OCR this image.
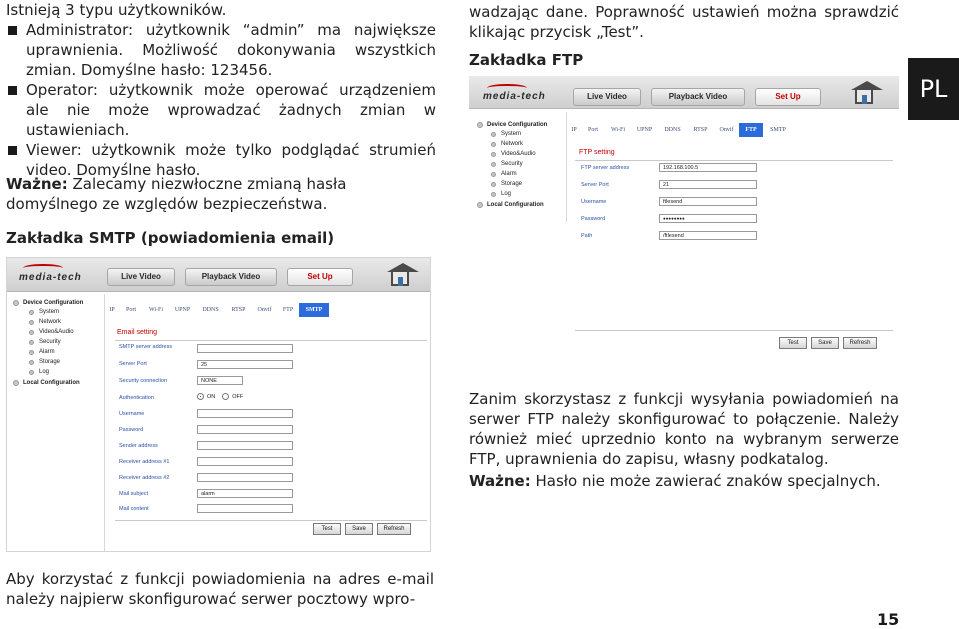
Istnieją 3 typu użytkowników.
Administrator: użytkownik “admin” ma największe uprawnienia. Możliwość dokonywania wszystkich zmian. Domyślne hasło: 123456.
Operator: użytkownik może operować urządzeniem ale nie może wprowadzać żadnych zmian w ustawieniach.
Viewer: użytkownik może tylko podglądać strumień video. Domyślne hasło.
Ważne: Zalecamy niezwłoczne zmianą hasła domyślnego ze względów bezpieczeństwa.
Zakładka SMTP (powiadomienia email)
media-tech	Live Video	Playback Video	Set Up
Device Configuration
System
Network
Video&Audio
Security
Alarm
Storage
Log
Local Configuration
IP	Port	Wi-Fi	UPNP	DDNS	RTSP	Onvif	FTP	SMTP
Email setting
SMTP server address
Server Port	25
Security connection	NONE
Authentication	ON	OFF
Username
Password
Sender address
Receiver address #1
Receiver address #2
Mail subject	alarm
Mail content
Test	Save	Refresh
Aby korzystać z funkcji powiadomienia na adres e-mail należy najpierw skonfigurować serwer pocztowy wpro-
wadzając dane. Poprawność ustawień można sprawdzić klikając przycisk „Test”.
Zakładka FTP
media-tech	Live Video	Playback Video	Set Up
Device Configuration
System
Network
Video&Audio
Security
Alarm
Storage
Log
Local Configuration
IP	Port	Wi-Fi	UPNP	DDNS	RTSP	Onvif	FTP	SMTP
FTP setting
FTP server address	192.168.100.5
Server Port	21
Username	ftlesend
Password	●●●●●●●●
Path	/ftlesend
Test	Save	Refresh
Zanim skorzystasz z funkcji wysyłania powiadomień na serwer FTP należy skonfigurować to połączenie. Należy również mieć uprzednio konto na wybranym serwerze FTP, uprawnienia do zapisu, własny podkatalog.
Ważne: Hasło nie może zawierać znaków specjalnych.
PL
15
